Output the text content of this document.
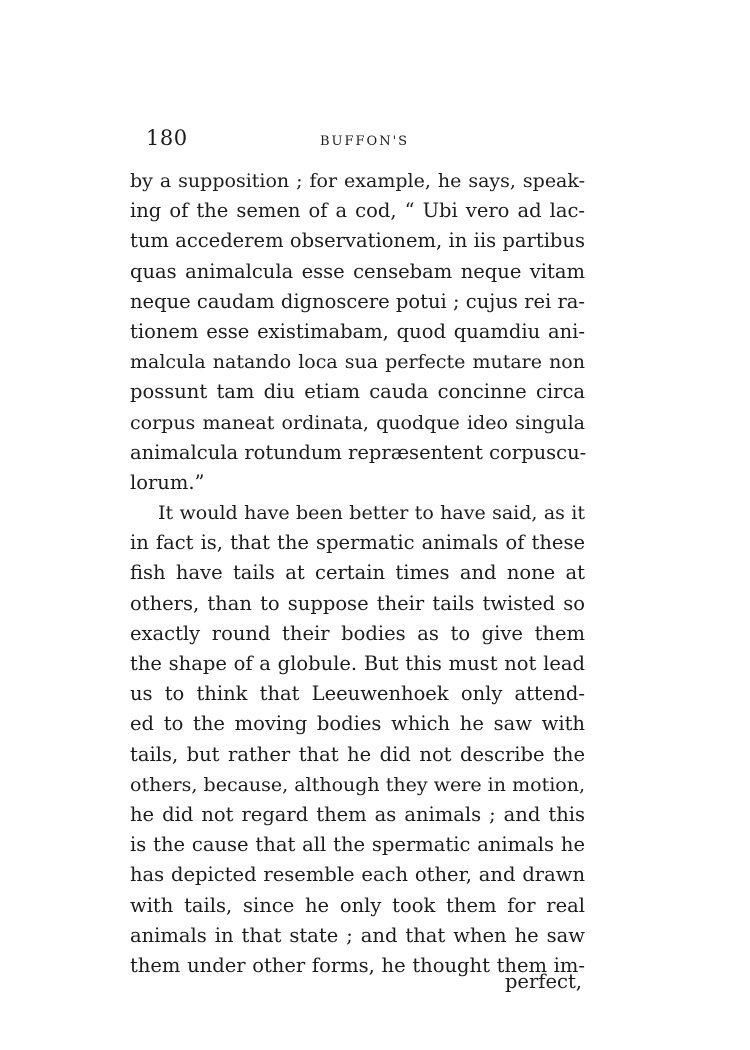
180	BUFFON'S
by a supposition ; for example, he says, speak-
ing of the semen of a cod, “ Ubi vero ad lac-
tum accederem observationem, in iis partibus
quas animalcula esse censebam neque vitam
neque caudam dignoscere potui ; cujus rei ra-
tionem esse existimabam, quod quamdiu ani-
malcula natando loca sua perfecte mutare non
possunt tam diu etiam cauda concinne circa
corpus maneat ordinata, quodque ideo singula
animalcula rotundum repræsentent corpuscu-
lorum.”
It would have been better to have said, as it
in fact is, that the spermatic animals of these
fish have tails at certain times and none at
others, than to suppose their tails twisted so
exactly round their bodies as to give them
the shape of a globule. But this must not lead
us to think that Leeuwenhoek only attend-
ed to the moving bodies which he saw with
tails, but rather that he did not describe the
others, because, although they were in motion,
he did not regard them as animals ; and this
is the cause that all the spermatic animals he
has depicted resemble each other, and drawn
with tails, since he only took them for real
animals in that state ; and that when he saw
them under other forms, he thought them im-
perfect,
